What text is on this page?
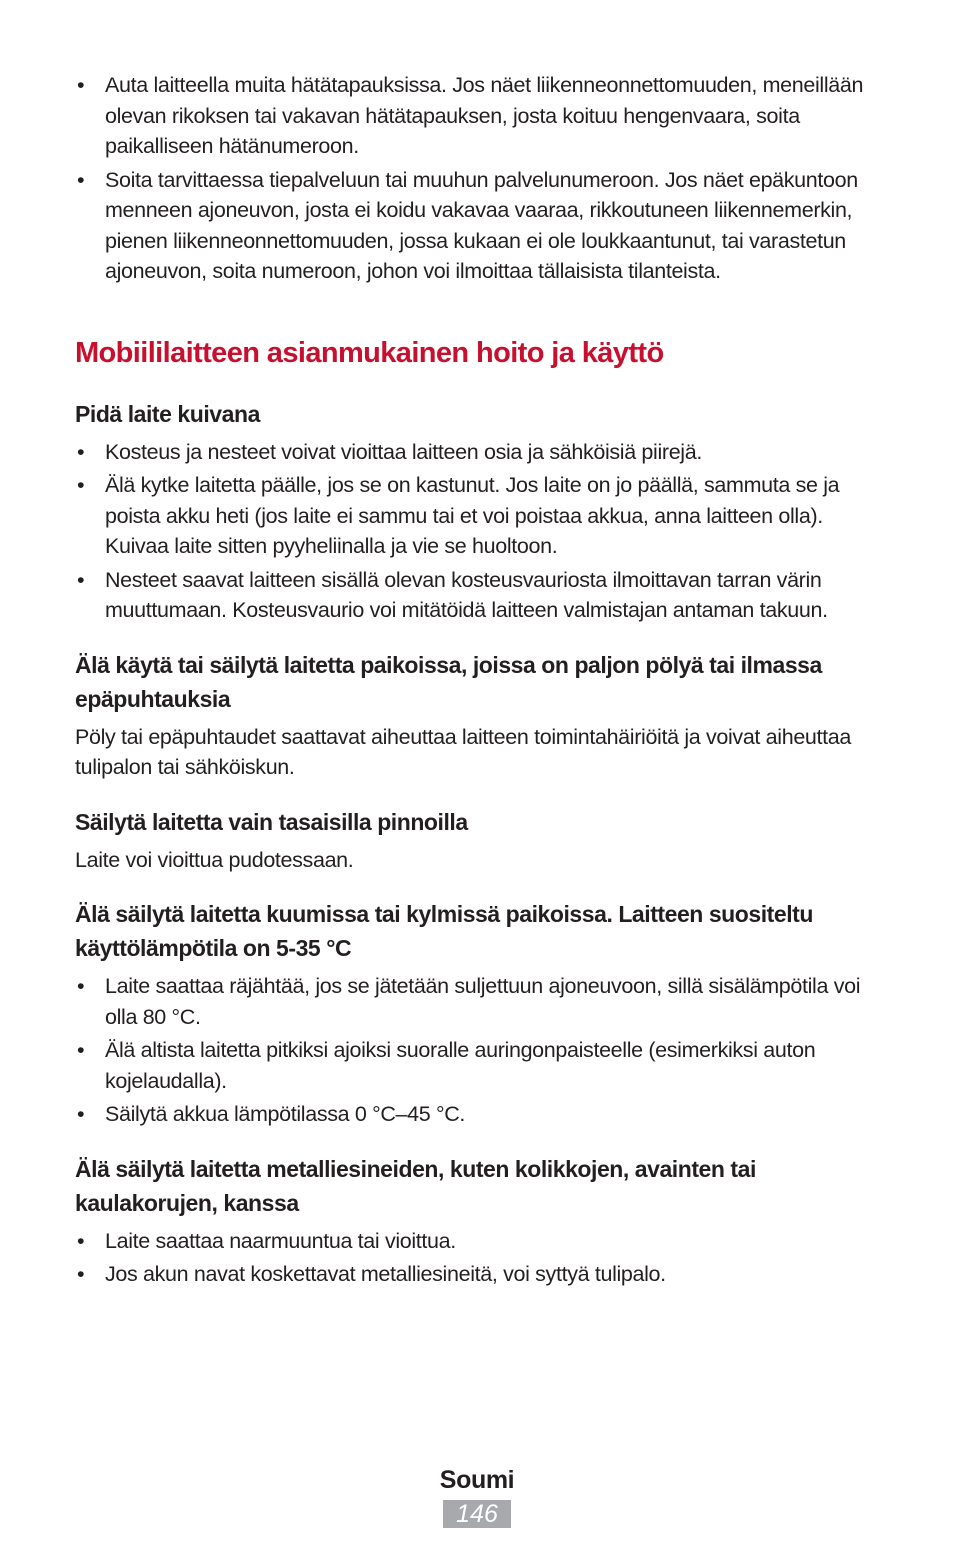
• Auta laitteella muita hätätapauksissa. Jos näet liikenneonnettomuuden, meneillään olevan rikoksen tai vakavan hätätapauksen, josta koituu hengenvaara, soita paikalliseen hätänumeroon.
• Soita tarvittaessa tiepalveluun tai muuhun palvelunumeroon. Jos näet epäkuntoon menneen ajoneuvon, josta ei koidu vakavaa vaaraa, rikkoutuneen liikennemerkin, pienen liikenneonnettomuuden, jossa kukaan ei ole loukkaantunut, tai varastetun ajoneuvon, soita numeroon, johon voi ilmoittaa tällaisista tilanteista.
Mobiililaitteen asianmukainen hoito ja käyttö
Pidä laite kuivana
• Kosteus ja nesteet voivat vioittaa laitteen osia ja sähköisiä piirejä.
• Älä kytke laitetta päälle, jos se on kastunut. Jos laite on jo päällä, sammuta se ja poista akku heti (jos laite ei sammu tai et voi poistaa akkua, anna laitteen olla). Kuivaa laite sitten pyyheliinalla ja vie se huoltoon.
• Nesteet saavat laitteen sisällä olevan kosteusvauriosta ilmoittavan tarran värin muuttumaan. Kosteusvaurio voi mitätöidä laitteen valmistajan antaman takuun.
Älä käytä tai säilytä laitetta paikoissa, joissa on paljon pölyä tai ilmassa epäpuhtauksia

Pöly tai epäpuhtaudet saattavat aiheuttaa laitteen toimintahäiriöitä ja voivat aiheuttaa tulipalon tai sähköiskun.

Säilytä laitetta vain tasaisilla pinnoilla

Laite voi vioittua pudotessaan.

Älä säilytä laitetta kuumissa tai kylmissä paikoissa. Laitteen suositeltu käyttölämpötila on 5-35 °C
• Laite saattaa räjähtää, jos se jätetään suljettuun ajoneuvoon, sillä sisälämpötila voi olla 80 °C.
• Älä altista laitetta pitkiksi ajoiksi suoralle auringonpaisteelle (esimerkiksi auton kojelaudalla).
• Säilytä akkua lämpötilassa 0 °C–45 °C.
Älä säilytä laitetta metalliesineiden, kuten kolikkojen, avainten tai kaulakorujen, kanssa
• Laite saattaa naarmuuntua tai vioittua.
• Jos akun navat koskettavat metalliesineitä, voi syttyä tulipalo.
Soumi
146
